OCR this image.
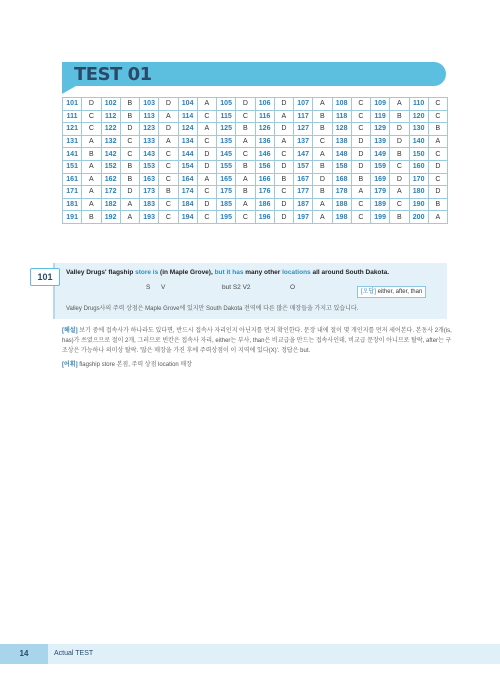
TEST 01
101	D	102	B	103	D	104	A	105	D	106	D	107	A	108	C	109	A	110	C
111	C	112	B	113	A	114	C	115	C	116	A	117	B	118	C	119	B	120	C
121	C	122	D	123	D	124	A	125	B	126	D	127	B	128	C	129	D	130	B
131	A	132	C	133	A	134	C	135	A	136	A	137	C	138	D	139	D	140	A
141	B	142	C	143	C	144	D	145	C	146	C	147	A	148	D	149	B	150	C
151	A	152	B	153	C	154	D	155	B	156	D	157	B	158	D	159	C	160	D
161	A	162	B	163	C	164	A	165	A	166	B	167	D	168	B	169	D	170	C
171	A	172	D	173	B	174	C	175	B	176	C	177	B	178	A	179	A	180	D
181	A	182	A	183	C	184	D	185	A	186	D	187	A	188	C	189	C	190	B
191	B	192	A	193	C	194	C	195	C	196	D	197	A	198	C	199	B	200	A
101	Valley Drugs' flagship store is (in Maple Grove), but it has many other locations all around South Dakota.
S V	but S2 V2	O
[오답] either, after, than
Valley Drugs사의 주력 상점은 Maple Grove에 있지만 South Dakota 전역에 다른 많은 매장들을 가지고 있습니다.
[해설] 보기 중에 접속사가 하나라도 있다면, 반드시 접속사 자리인지 아닌지를 먼저 확인한다. 문장 내에 절이 몇 개인지를 먼저 세어본다. 본동사 2개(is, has)가 쓰였으므로 절이 2개, 그러므로 빈칸은 접속사 자리, either는 부사, than은 비교급을 만드는 접속사인데, 비교급 문장이 아니므로 탈락, after는 구조상은 가능하나 의미상 탈락. '많은 매장을 가진 후에 주력상점이 이 지역에 있다(X)'. 정답은 but.
[어휘] flagship store 본점, 주력 상점 location 매장
14	Actual TEST
